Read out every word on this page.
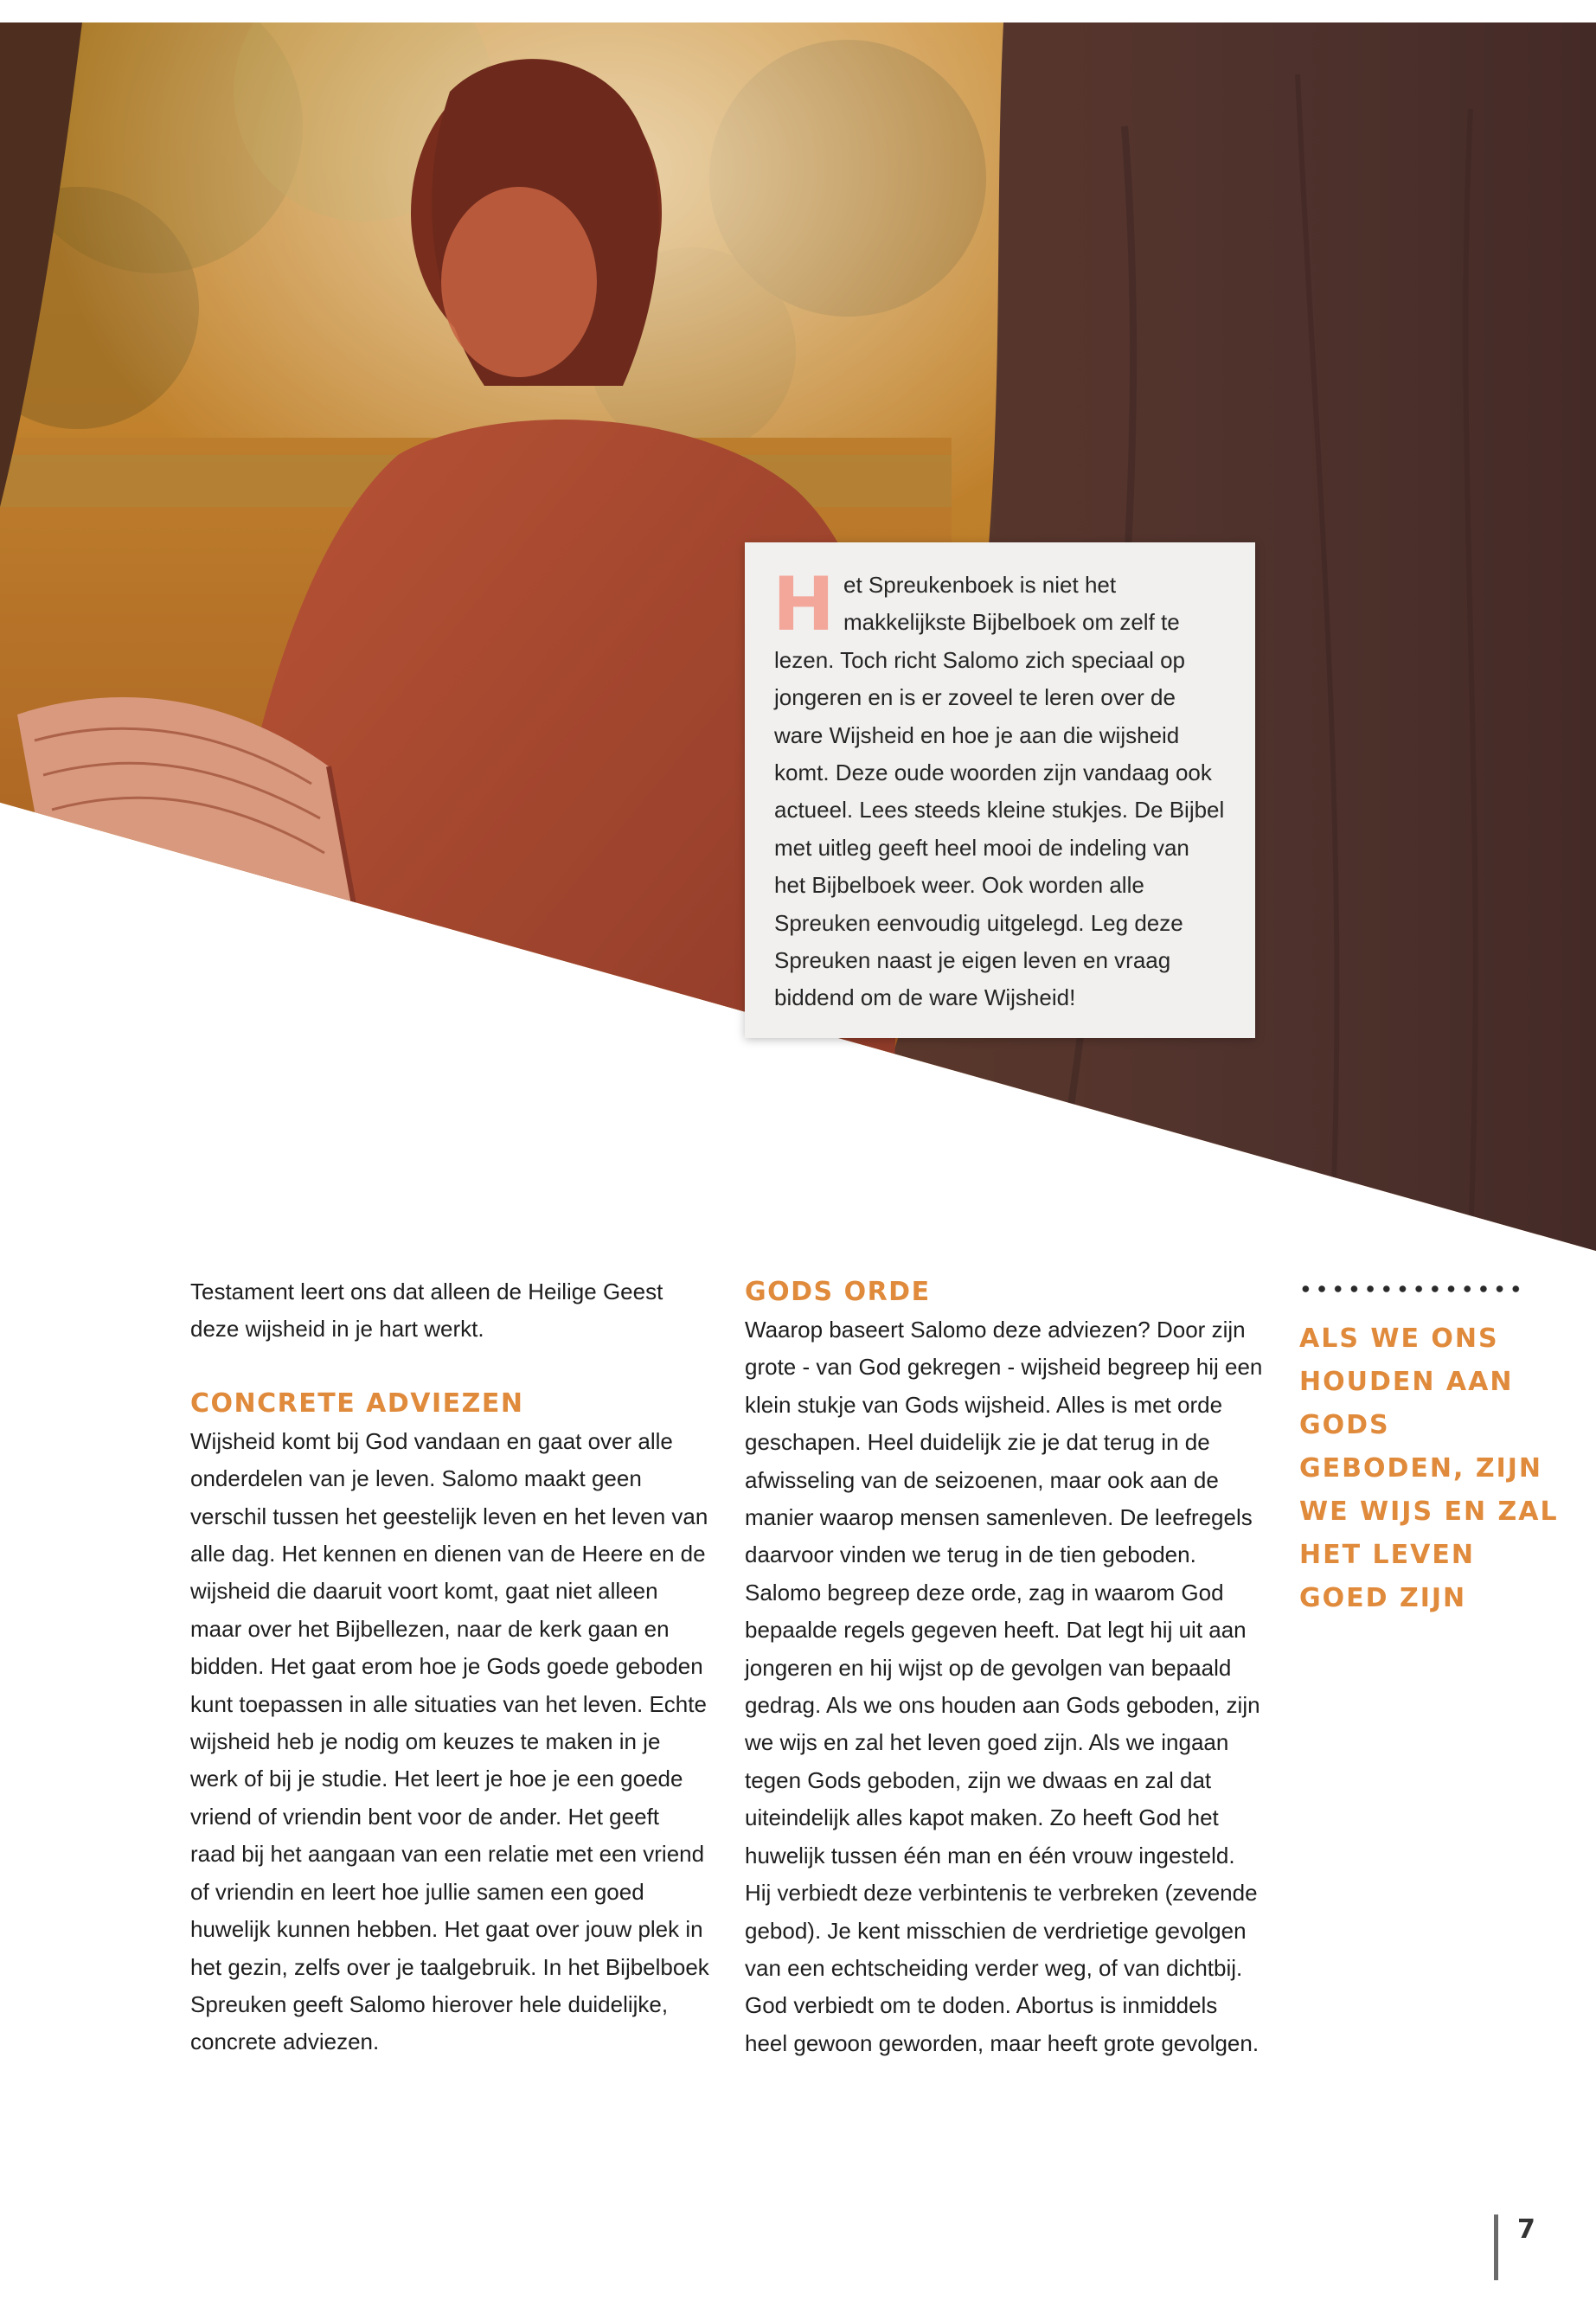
H et Spreukenboek is niet het makkelijkste Bijbelboek om zelf te lezen. Toch richt Salomo zich speciaal op jongeren en is er zoveel te leren over de ware Wijsheid en hoe je aan die wijsheid komt. Deze oude woorden zijn vandaag ook actueel. Lees steeds kleine stukjes. De Bijbel met uitleg geeft heel mooi de indeling van het Bijbelboek weer. Ook worden alle Spreuken eenvoudig uitgelegd. Leg deze Spreuken naast je eigen leven en vraag biddend om de ware Wijsheid!

Testament leert ons dat alleen de Heilige Geest deze wijsheid in je hart werkt.

CONCRETE ADVIEZEN

Wijsheid komt bij God vandaan en gaat over alle onderdelen van je leven. Salomo maakt geen verschil tussen het geestelijk leven en het leven van alle dag. Het kennen en dienen van de Heere en de wijsheid die daaruit voort komt, gaat niet alleen maar over het Bijbellezen, naar de kerk gaan en bidden. Het gaat erom hoe je Gods goede geboden kunt toepassen in alle situaties van het leven. Echte wijsheid heb je nodig om keuzes te maken in je werk of bij je studie. Het leert je hoe je een goede vriend of vriendin bent voor de ander. Het geeft raad bij het aangaan van een relatie met een vriend of vriendin en leert hoe jullie samen een goed huwelijk kunnen hebben. Het gaat over jouw plek in het gezin, zelfs over je taalgebruik. In het Bijbelboek Spreuken geeft Salomo hierover hele duidelijke, concrete adviezen.

GODS ORDE

Waarop baseert Salomo deze adviezen? Door zijn grote - van God gekregen - wijsheid begreep hij een klein stukje van Gods wijsheid. Alles is met orde geschapen. Heel duidelijk zie je dat terug in de afwisseling van de seizoenen, maar ook aan de manier waarop mensen samenleven. De leefregels daarvoor vinden we terug in de tien geboden. Salomo begreep deze orde, zag in waarom God bepaalde regels gegeven heeft. Dat legt hij uit aan jongeren en hij wijst op de gevolgen van bepaald gedrag. Als we ons houden aan Gods geboden, zijn we wijs en zal het leven goed zijn. Als we ingaan tegen Gods geboden, zijn we dwaas en zal dat uiteindelijk alles kapot maken. Zo heeft God het huwelijk tussen één man en één vrouw ingesteld. Hij verbiedt deze verbintenis te verbreken (zevende gebod). Je kent misschien de verdrietige gevolgen van een echtscheiding verder weg, of van dichtbij. God verbiedt om te doden. Abortus is inmiddels heel gewoon geworden, maar heeft grote gevolgen.

ALS WE ONS HOUDEN AAN GODS GEBODEN, ZIJN WE WIJS EN ZAL HET LEVEN GOED ZIJN
7
